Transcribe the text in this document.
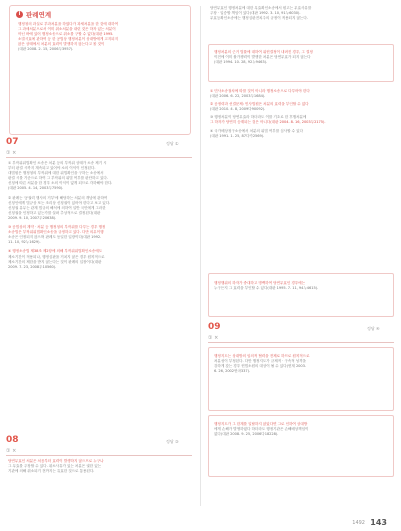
i 판례연계
행정청의 과실로 부과처분을 하였다가 과세처분을 한 것에 대하여
그 과세처분으로서 이미 취소처분을 내린 것은 하자 있는 처분이
아닌 바에 있어 행정소송으로 취소를 구할 수 없다(대판 1995.
소멸시효에 관하여 등 한 공법상 행정처분이 상대방에게 고지되지
않은 상태에서 처분의 효력이 발생하지 않는다고 볼 것이
(대판 2008. 2. 15, 2006두3957).
07	정답 ①
① ×
① 부작위위법확인 소송은 처분 등의 부작위 상태가 소송 제기 시
부터 판결 시까지 계속되고 있어야 소의 이익이 인정된다.
대법원은 행정청의 부작위에 대한 위법확인을 구하는 소송에서
판결 시를 기준으로 하여 그 부작위의 위법 여부를 판단하고 있다.
신청에 따른 처분을 한 경우 소의 이익이 없게 되므로 각하해야 한다.
(대판 2005. 4. 14, 2003두7590).
② 판례는 '공권력 행사의 거부'에 해당하는 처분의 개념에 관하여
신청인에게 법규상 또는 조리상 신청권이 있어야 한다고 보고 있다.
신청권 유무는 관계 법규의 해석에 의하여 일반 국민에게 그러한
신청권을 인정하고 있는가를 살펴 추상적으로 결정된다(대판
2009. 9. 10, 2007두20638).
③ 공법상의 계약 · 처분 등 행정청의 부작위를 다투는 경우 행정
소송법은 부작위위법확인소송을 규정하고 있다. 다만 의무이행
소송은 인정되지 않으며 판례도 동일한 입장이다(대판 1992.
11. 10, 92누1629).
④ 행정소송법 제38조 제2항에 의해 부작위위법확인소송에도
제소기간이 적용되나, 행정심판을 거치지 않은 경우 원칙적으로
제소기간의 제한을 받지 않는다는 것이 판례의 입장이다(대판
2009. 7. 23, 2008두10560).
08	정답 ③
① ×
당연무효인 처분은 처음부터 효력이 발생하지 않으므로 누구나
그 무효를 주장할 수 있다. 취소사유가 있는 처분은 권한 있는
기관에 의해 취소되기 전까지는 유효한 것으로 통용된다.
당연무효인 행정처분에 대한 무효확인소송에서 원고는 무효사유를
주장 · 입증할 책임이 있다(대판 1992. 3. 10, 91누6030).
무효등확인소송에는 행정심판전치주의 규정이 적용되지 않는다.
행정처분의 근거 법률에 대하여 위헌결정이 내려진 경우, 그 결정
이전에 이미 불가쟁력이 발생한 처분은 당연무효가 되지 않는다
(대판 1994. 10. 28, 92누9463).
① 민사소송절차에 따를 것이 아니라 행정소송으로 다투어야 한다
(대판 2006. 6. 22, 2003두1684).
② 공정력과 선결문제: 민사법원은 처분의 효력을 부인할 수 없다
(대판 2010. 4. 8, 2009다90092).
③ 행정처분이 당연무효라 하더라도 이를 기초로 한 후행처분에
그 하자가 당연히 승계되는 것은 아니다(대판 2004. 8. 16, 2003두2175).
④ 국가배상청구소송에서 처분의 위법 여부를 심사할 수 있다
(대판 1991. 1. 25, 87다카2569).
행정행위의 하자가 중대하고 명백하여 당연무효인 경우에는
누구든지 그 효력을 부인할 수 있다(대판 1995. 7. 11, 94누4615).
09	정답 ④
① ×
행정지도는 상대방의 임의적 협력을 전제로 하므로 원칙적으로
처분성이 부정된다. 다만 행정지도가 규제적 · 구속적 성격을
강하게 갖는 경우 헌법소원의 대상이 될 수 있다(헌재 2003.
6. 26, 2002헌마337).
행정지도가 그 한계를 일탈하지 않았다면 그로 인하여 상대방
에게 손해가 발생하였다 하더라도 행정기관은 손해배상책임이
없다(대판 2008. 9. 25, 2006다18228).
1492 143
